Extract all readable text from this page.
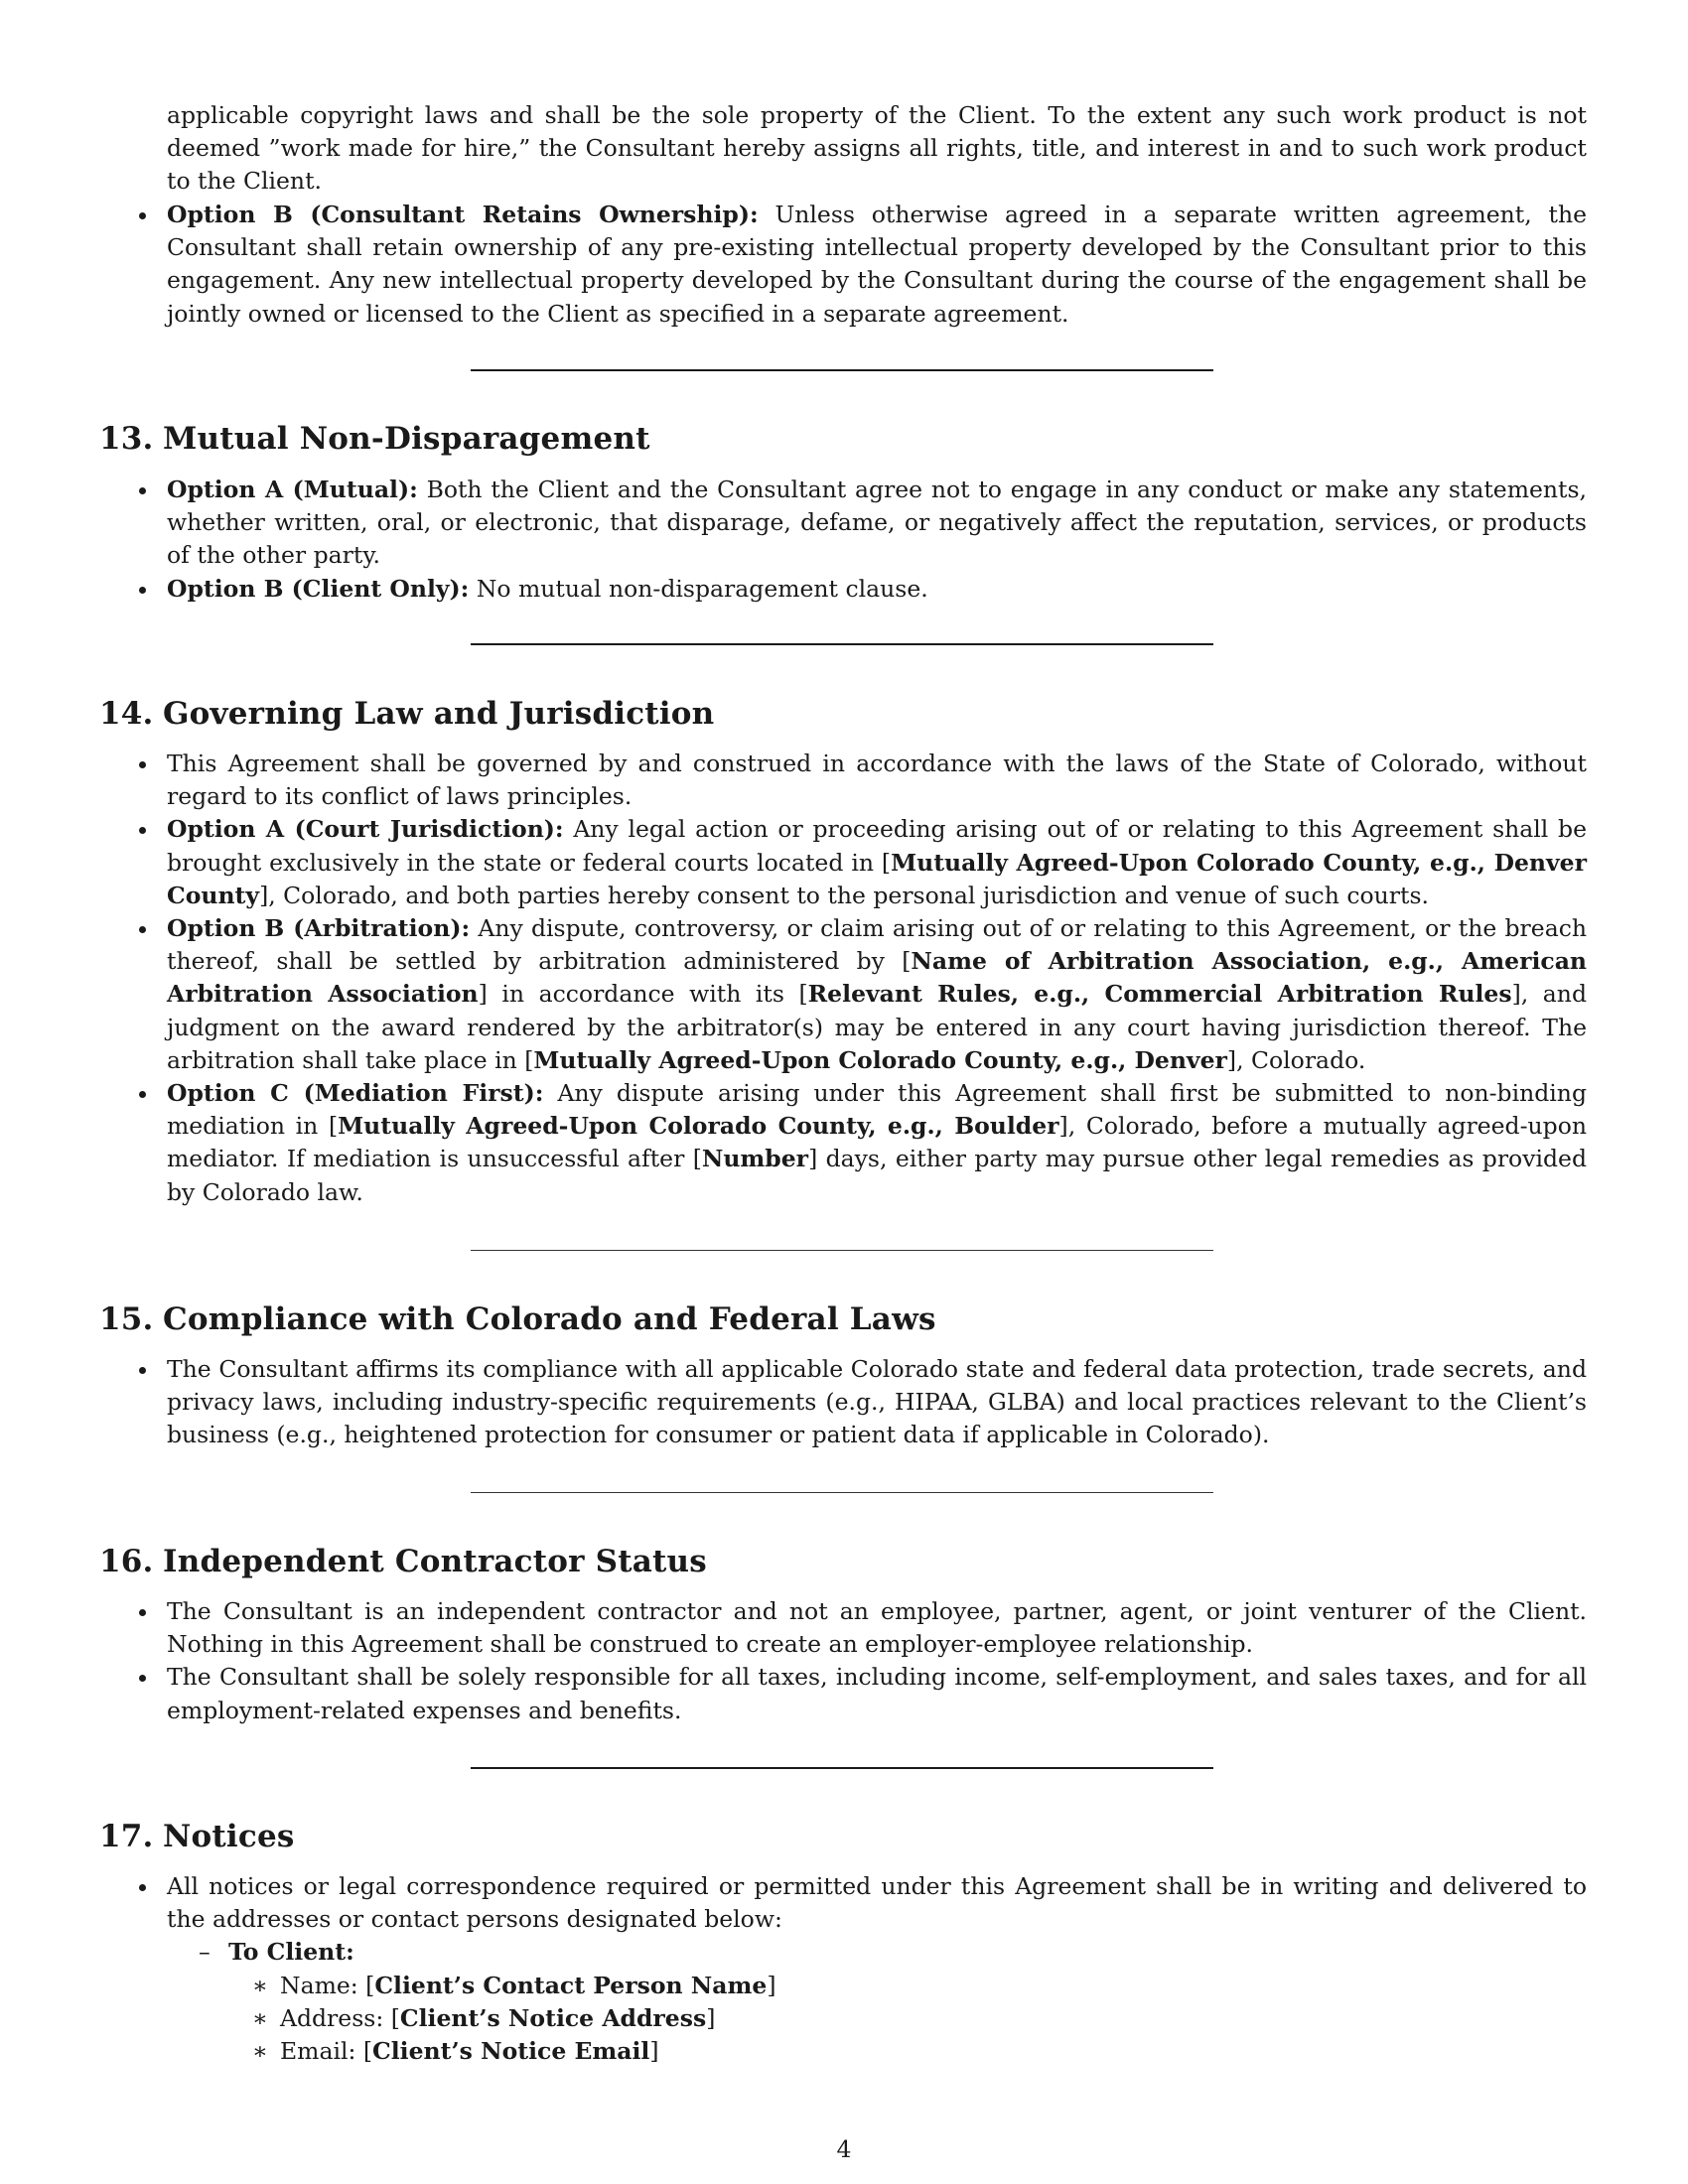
applicable copyright laws and shall be the sole property of the Client. To the extent any such work product is not deemed ”work made for hire,” the Consultant hereby assigns all rights, title, and interest in and to such work product to the Client.

Option B (Consultant Retains Ownership): Unless otherwise agreed in a separate written agreement, the Consultant shall retain ownership of any pre-existing intellectual property developed by the Consultant prior to this engagement. Any new intellectual property developed by the Consultant during the course of the engagement shall be jointly owned or licensed to the Client as specified in a separate agreement.
13. Mutual Non-Disparagement
Option A (Mutual): Both the Client and the Consultant agree not to engage in any conduct or make any statements, whether written, oral, or electronic, that disparage, defame, or negatively affect the reputation, services, or products of the other party.
Option B (Client Only): No mutual non-disparagement clause.
14. Governing Law and Jurisdiction
This Agreement shall be governed by and construed in accordance with the laws of the State of Colorado, without regard to its conflict of laws principles.
Option A (Court Jurisdiction): Any legal action or proceeding arising out of or relating to this Agreement shall be brought exclusively in the state or federal courts located in [Mutually Agreed-Upon Colorado County, e.g., Denver County], Colorado, and both parties hereby consent to the personal jurisdiction and venue of such courts.
Option B (Arbitration): Any dispute, controversy, or claim arising out of or relating to this Agreement, or the breach thereof, shall be settled by arbitration administered by [Name of Arbitration Association, e.g., American Arbitration Association] in accordance with its [Relevant Rules, e.g., Commercial Arbitration Rules], and judgment on the award rendered by the arbitrator(s) may be entered in any court having jurisdiction thereof. The arbitration shall take place in [Mutually Agreed-Upon Colorado County, e.g., Denver], Colorado.
Option C (Mediation First): Any dispute arising under this Agreement shall first be submitted to non-binding mediation in [Mutually Agreed-Upon Colorado County, e.g., Boulder], Colorado, before a mutually agreed-upon mediator. If mediation is unsuccessful after [Number] days, either party may pursue other legal remedies as provided by Colorado law.
15. Compliance with Colorado and Federal Laws
The Consultant affirms its compliance with all applicable Colorado state and federal data protection, trade secrets, and privacy laws, including industry-specific requirements (e.g., HIPAA, GLBA) and local practices relevant to the Client’s business (e.g., heightened protection for consumer or patient data if applicable in Colorado).
16. Independent Contractor Status
The Consultant is an independent contractor and not an employee, partner, agent, or joint venturer of the Client. Nothing in this Agreement shall be construed to create an employer-employee relationship.
The Consultant shall be solely responsible for all taxes, including income, self-employment, and sales taxes, and for all employment-related expenses and benefits.
17. Notices
All notices or legal correspondence required or permitted under this Agreement shall be in writing and delivered to the addresses or contact persons designated below:
– To Client:
∗ Name: [Client’s Contact Person Name]
∗ Address: [Client’s Notice Address]
∗ Email: [Client’s Notice Email]
4
